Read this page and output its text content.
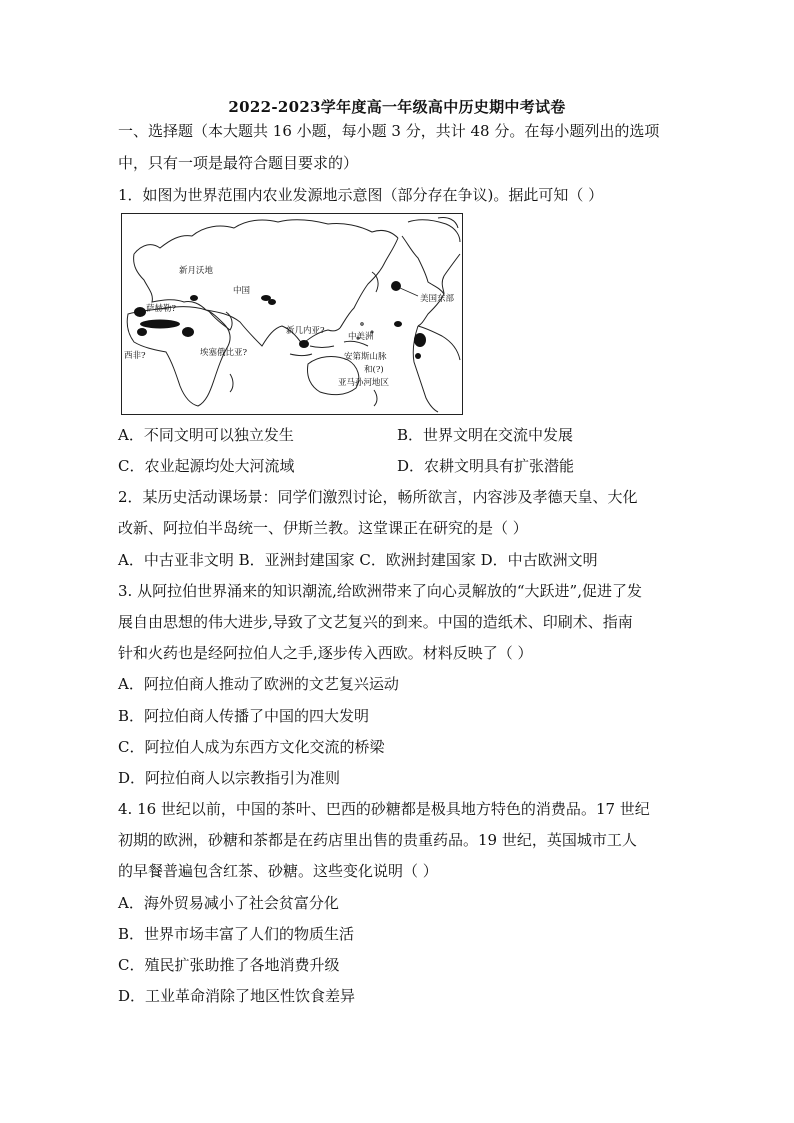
2022-2023学年度高一年级高中历史期中考试卷
一、选择题（本大题共 16 小题，每小题 3 分，共计 48 分。在每小题列出的选项
中，只有一项是最符合题目要求的）
1．如图为世界范围内农业发源地示意图（部分存在争议)。据此可知（ ）
新月沃地
中国
萨赫勒?
西非?	埃塞俄比亚?
新几内亚?
中美洲
美国东部
安第斯山脉
和(?)
亚马孙河地区
A．不同文明可以独立发生	B．世界文明在交流中发展
C．农业起源均处大河流域	D．农耕文明具有扩张潜能
2．某历史活动课场景：同学们激烈讨论，畅所欲言，内容涉及孝德天皇、大化
改新、阿拉伯半岛统一、伊斯兰教。这堂课正在研究的是（ ）
A．中古亚非文明 B．亚洲封建国家 C．欧洲封建国家 D．中古欧洲文明
3. 从阿拉伯世界涌来的知识潮流,给欧洲带来了向心灵解放的“大跃进”,促进了发
展自由思想的伟大进步,导致了文艺复兴的到来。中国的造纸术、印刷术、指南
针和火药也是经阿拉伯人之手,逐步传入西欧。材料反映了（ ）
A．阿拉伯商人推动了欧洲的文艺复兴运动
B．阿拉伯商人传播了中国的四大发明
C．阿拉伯人成为东西方文化交流的桥梁
D．阿拉伯商人以宗教指引为准则
4. 16 世纪以前，中国的茶叶、巴西的砂糖都是极具地方特色的消费品。17 世纪
初期的欧洲，砂糖和茶都是在药店里出售的贵重药品。19 世纪，英国城市工人
的早餐普遍包含红茶、砂糖。这些变化说明（ ）
A．海外贸易减小了社会贫富分化
B．世界市场丰富了人们的物质生活
C．殖民扩张助推了各地消费升级
D．工业革命消除了地区性饮食差异
